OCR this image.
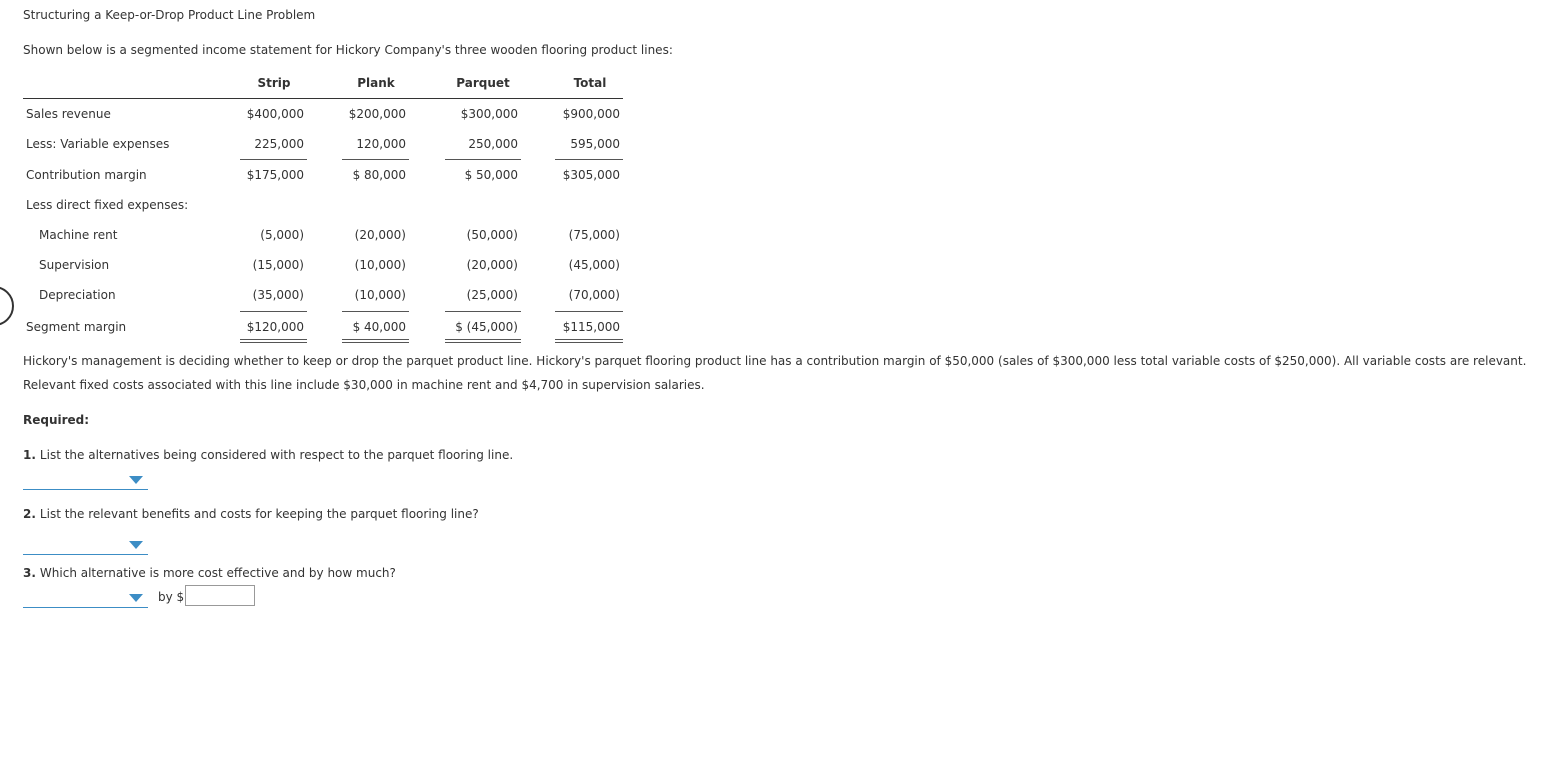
Structuring a Keep-or-Drop Product Line Problem
Shown below is a segmented income statement for Hickory Company's three wooden flooring product lines:
Strip	Plank	Parquet	Total
Sales revenue	$400,000	$200,000	$300,000	$900,000
Less: Variable expenses	225,000	120,000	250,000	595,000
Contribution margin	$175,000	$ 80,000	$ 50,000	$305,000
Less direct fixed expenses:
Machine rent	(5,000)	(20,000)	(50,000)	(75,000)
Supervision	(15,000)	(10,000)	(20,000)	(45,000)
Depreciation	(35,000)	(10,000)	(25,000)	(70,000)
Segment margin	$120,000	$ 40,000	$ (45,000)	$115,000
Hickory's management is deciding whether to keep or drop the parquet product line. Hickory's parquet flooring product line has a contribution margin of $50,000 (sales of $300,000 less total variable costs of $250,000). All variable costs are relevant.
Relevant fixed costs associated with this line include $30,000 in machine rent and $4,700 in supervision salaries.
Required:
1. List the alternatives being considered with respect to the parquet flooring line.
2. List the relevant benefits and costs for keeping the parquet flooring line?
3. Which alternative is more cost effective and by how much?
by $
